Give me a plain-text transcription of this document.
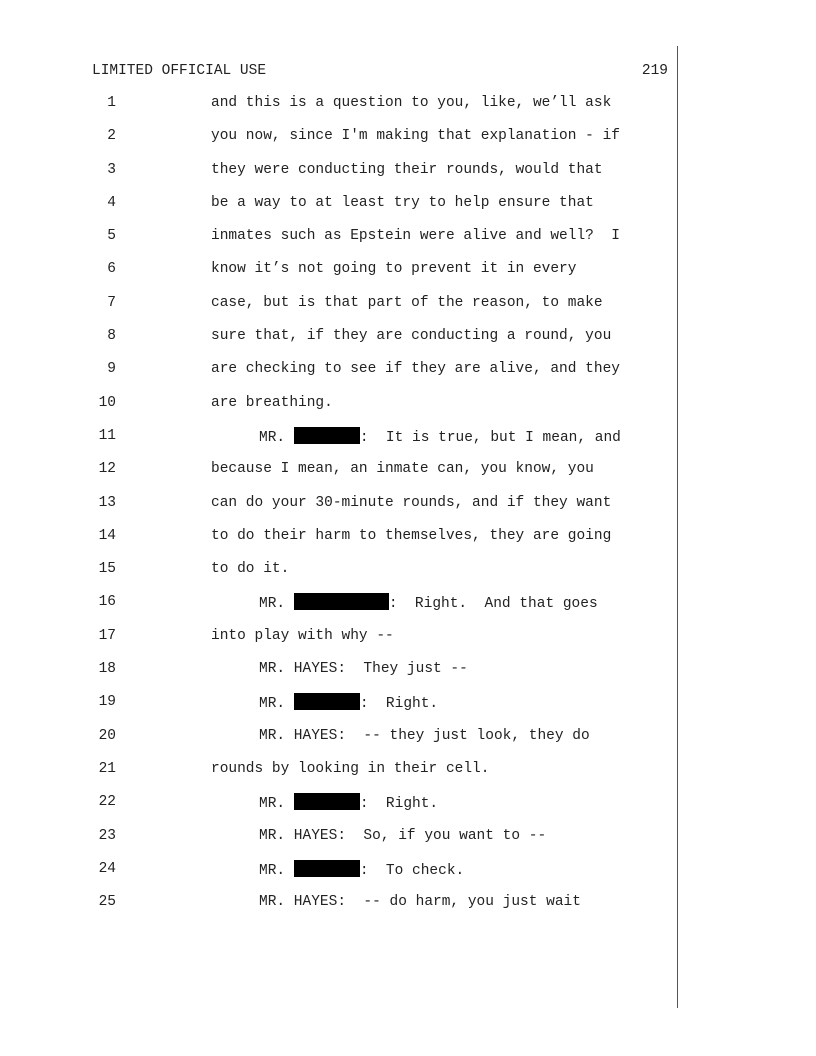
LIMITED OFFICIAL USE	219
1	and this is a question to you, like, we’ll ask
2	you now, since I'm making that explanation - if
3	they were conducting their rounds, would that
4	be a way to at least try to help ensure that
5	inmates such as Epstein were alive and well?  I
6	know it’s not going to prevent it in every
7	case, but is that part of the reason, to make
8	sure that, if they are conducting a round, you
9	are checking to see if they are alive, and they
10	are breathing.
11	MR.	:  It is true, but I mean, and
12	because I mean, an inmate can, you know, you
13	can do your 30-minute rounds, and if they want
14	to do their harm to themselves, they are going
15	to do it.
16	MR.	:  Right.  And that goes
17	into play with why --
18	MR. HAYES:  They just --
19	MR.	:  Right.
20	MR. HAYES:  -- they just look, they do
21	rounds by looking in their cell.
22	MR.	:  Right.
23	MR. HAYES:  So, if you want to --
24	MR.	:  To check.
25	MR. HAYES:  -- do harm, you just wait
